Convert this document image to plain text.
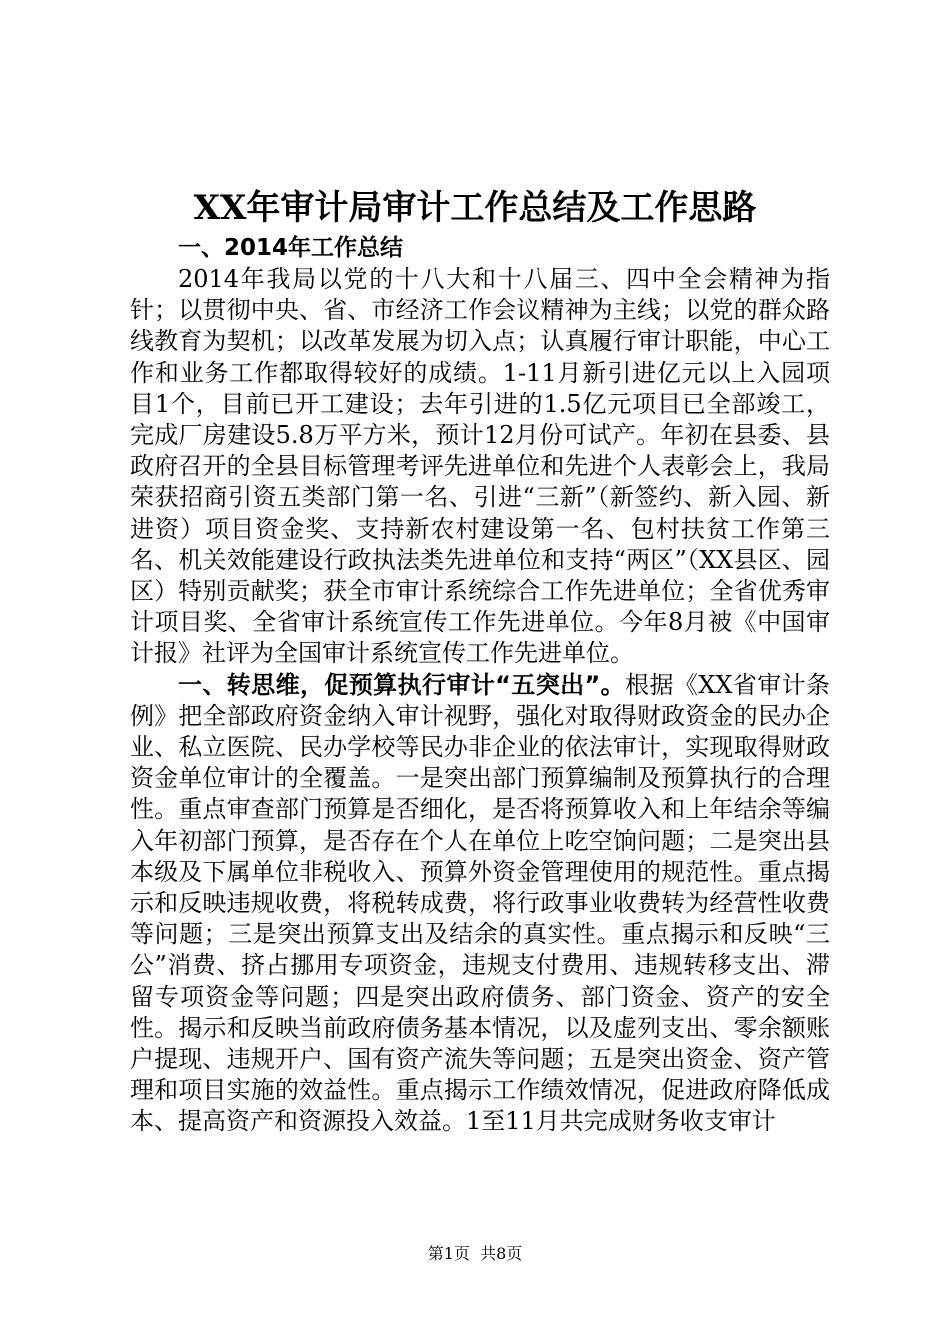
XX年审计局审计工作总结及工作思路

一、2014年工作总结

2014年我局以党的十八大和十八届三、四中全会精神为指针；以贯彻中央、省、市经济工作会议精神为主线；以党的群众路线教育为契机；以改革发展为切入点；认真履行审计职能，中心工作和业务工作都取得较好的成绩。1-11月新引进亿元以上入园项目1个，目前已开工建设；去年引进的1.5亿元项目已全部竣工，完成厂房建设5.8万平方米，预计12月份可试产。年初在县委、县政府召开的全县目标管理考评先进单位和先进个人表彰会上，我局荣获招商引资五类部门第一名、引进“三新”（新签约、新入园、新进资）项目资金奖、支持新农村建设第一名、包村扶贫工作第三名、机关效能建设行政执法类先进单位和支持“两区”（XX县区、园区）特别贡献奖；获全市审计系统综合工作先进单位；全省优秀审计项目奖、全省审计系统宣传工作先进单位。今年8月被《中国审计报》社评为全国审计系统宣传工作先进单位。

一、转思维，促预算执行审计“五突出”。根据《XX省审计条例》把全部政府资金纳入审计视野，强化对取得财政资金的民办企业、私立医院、民办学校等民办非企业的依法审计，实现取得财政资金单位审计的全覆盖。一是突出部门预算编制及预算执行的合理性。重点审查部门预算是否细化，是否将预算收入和上年结余等编入年初部门预算，是否存在个人在单位上吃空饷问题；二是突出县本级及下属单位非税收入、预算外资金管理使用的规范性。重点揭示和反映违规收费，将税转成费，将行政事业收费转为经营性收费等问题；三是突出预算支出及结余的真实性。重点揭示和反映“三公”消费、挤占挪用专项资金，违规支付费用、违规转移支出、滞留专项资金等问题；四是突出政府债务、部门资金、资产的安全性。揭示和反映当前政府债务基本情况，以及虚列支出、零余额账户提现、违规开户、国有资产流失等问题；五是突出资金、资产管理和项目实施的效益性。重点揭示工作绩效情况，促进政府降低成本、提高资产和资源投入效益。1至11月共完成财务收支审计

第1页  共8页
